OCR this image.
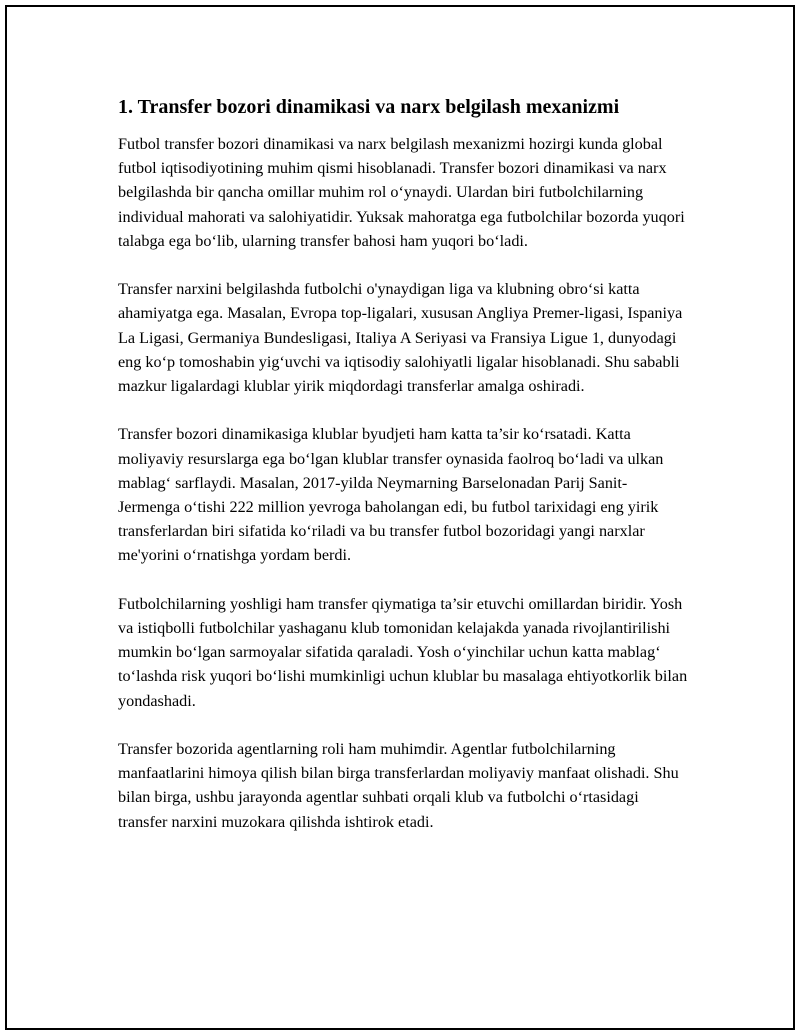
1. Transfer bozori dinamikasi va narx belgilash mexanizmi

Futbol transfer bozori dinamikasi va narx belgilash mexanizmi hozirgi kunda global futbol iqtisodiyotining muhim qismi hisoblanadi. Transfer bozori dinamikasi va narx belgilashda bir qancha omillar muhim rol o‘ynaydi. Ulardan biri futbolchilarning individual mahorati va salohiyatidir. Yuksak mahoratga ega futbolchilar bozorda yuqori talabga ega bo‘lib, ularning transfer bahosi ham yuqori bo‘ladi.

Transfer narxini belgilashda futbolchi o'ynaydigan liga va klubning obro‘si katta ahamiyatga ega. Masalan, Evropa top-ligalari, xususan Angliya Premer-ligasi, Ispaniya La Ligasi, Germaniya Bundesligasi, Italiya A Seriyasi va Fransiya Ligue 1, dunyodagi eng ko‘p tomoshabin yig‘uvchi va iqtisodiy salohiyatli ligalar hisoblanadi. Shu sababli mazkur ligalardagi klublar yirik miqdordagi transferlar amalga oshiradi.

Transfer bozori dinamikasiga klublar byudjeti ham katta ta’sir ko‘rsatadi. Katta moliyaviy resurslarga ega bo‘lgan klublar transfer oynasida faolroq bo‘ladi va ulkan mablag‘ sarflaydi. Masalan, 2017-yilda Neymarning Barselonadan Parij Sanit-Jermenga o‘tishi 222 million yevroga baholangan edi, bu futbol tarixidagi eng yirik transferlardan biri sifatida ko‘riladi va bu transfer futbol bozoridagi yangi narxlar me'yorini o‘rnatishga yordam berdi.

Futbolchilarning yoshligi ham transfer qiymatiga ta’sir etuvchi omillardan biridir. Yosh va istiqbolli futbolchilar yashaganu klub tomonidan kelajakda yanada rivojlantirilishi mumkin bo‘lgan sarmoyalar sifatida qaraladi. Yosh o‘yinchilar uchun katta mablag‘ to‘lashda risk yuqori bo‘lishi mumkinligi uchun klublar bu masalaga ehtiyotkorlik bilan yondashadi.

Transfer bozorida agentlarning roli ham muhimdir. Agentlar futbolchilarning manfaatlarini himoya qilish bilan birga transferlardan moliyaviy manfaat olishadi. Shu bilan birga, ushbu jarayonda agentlar suhbati orqali klub va futbolchi o‘rtasidagi transfer narxini muzokara qilishda ishtirok etadi.
